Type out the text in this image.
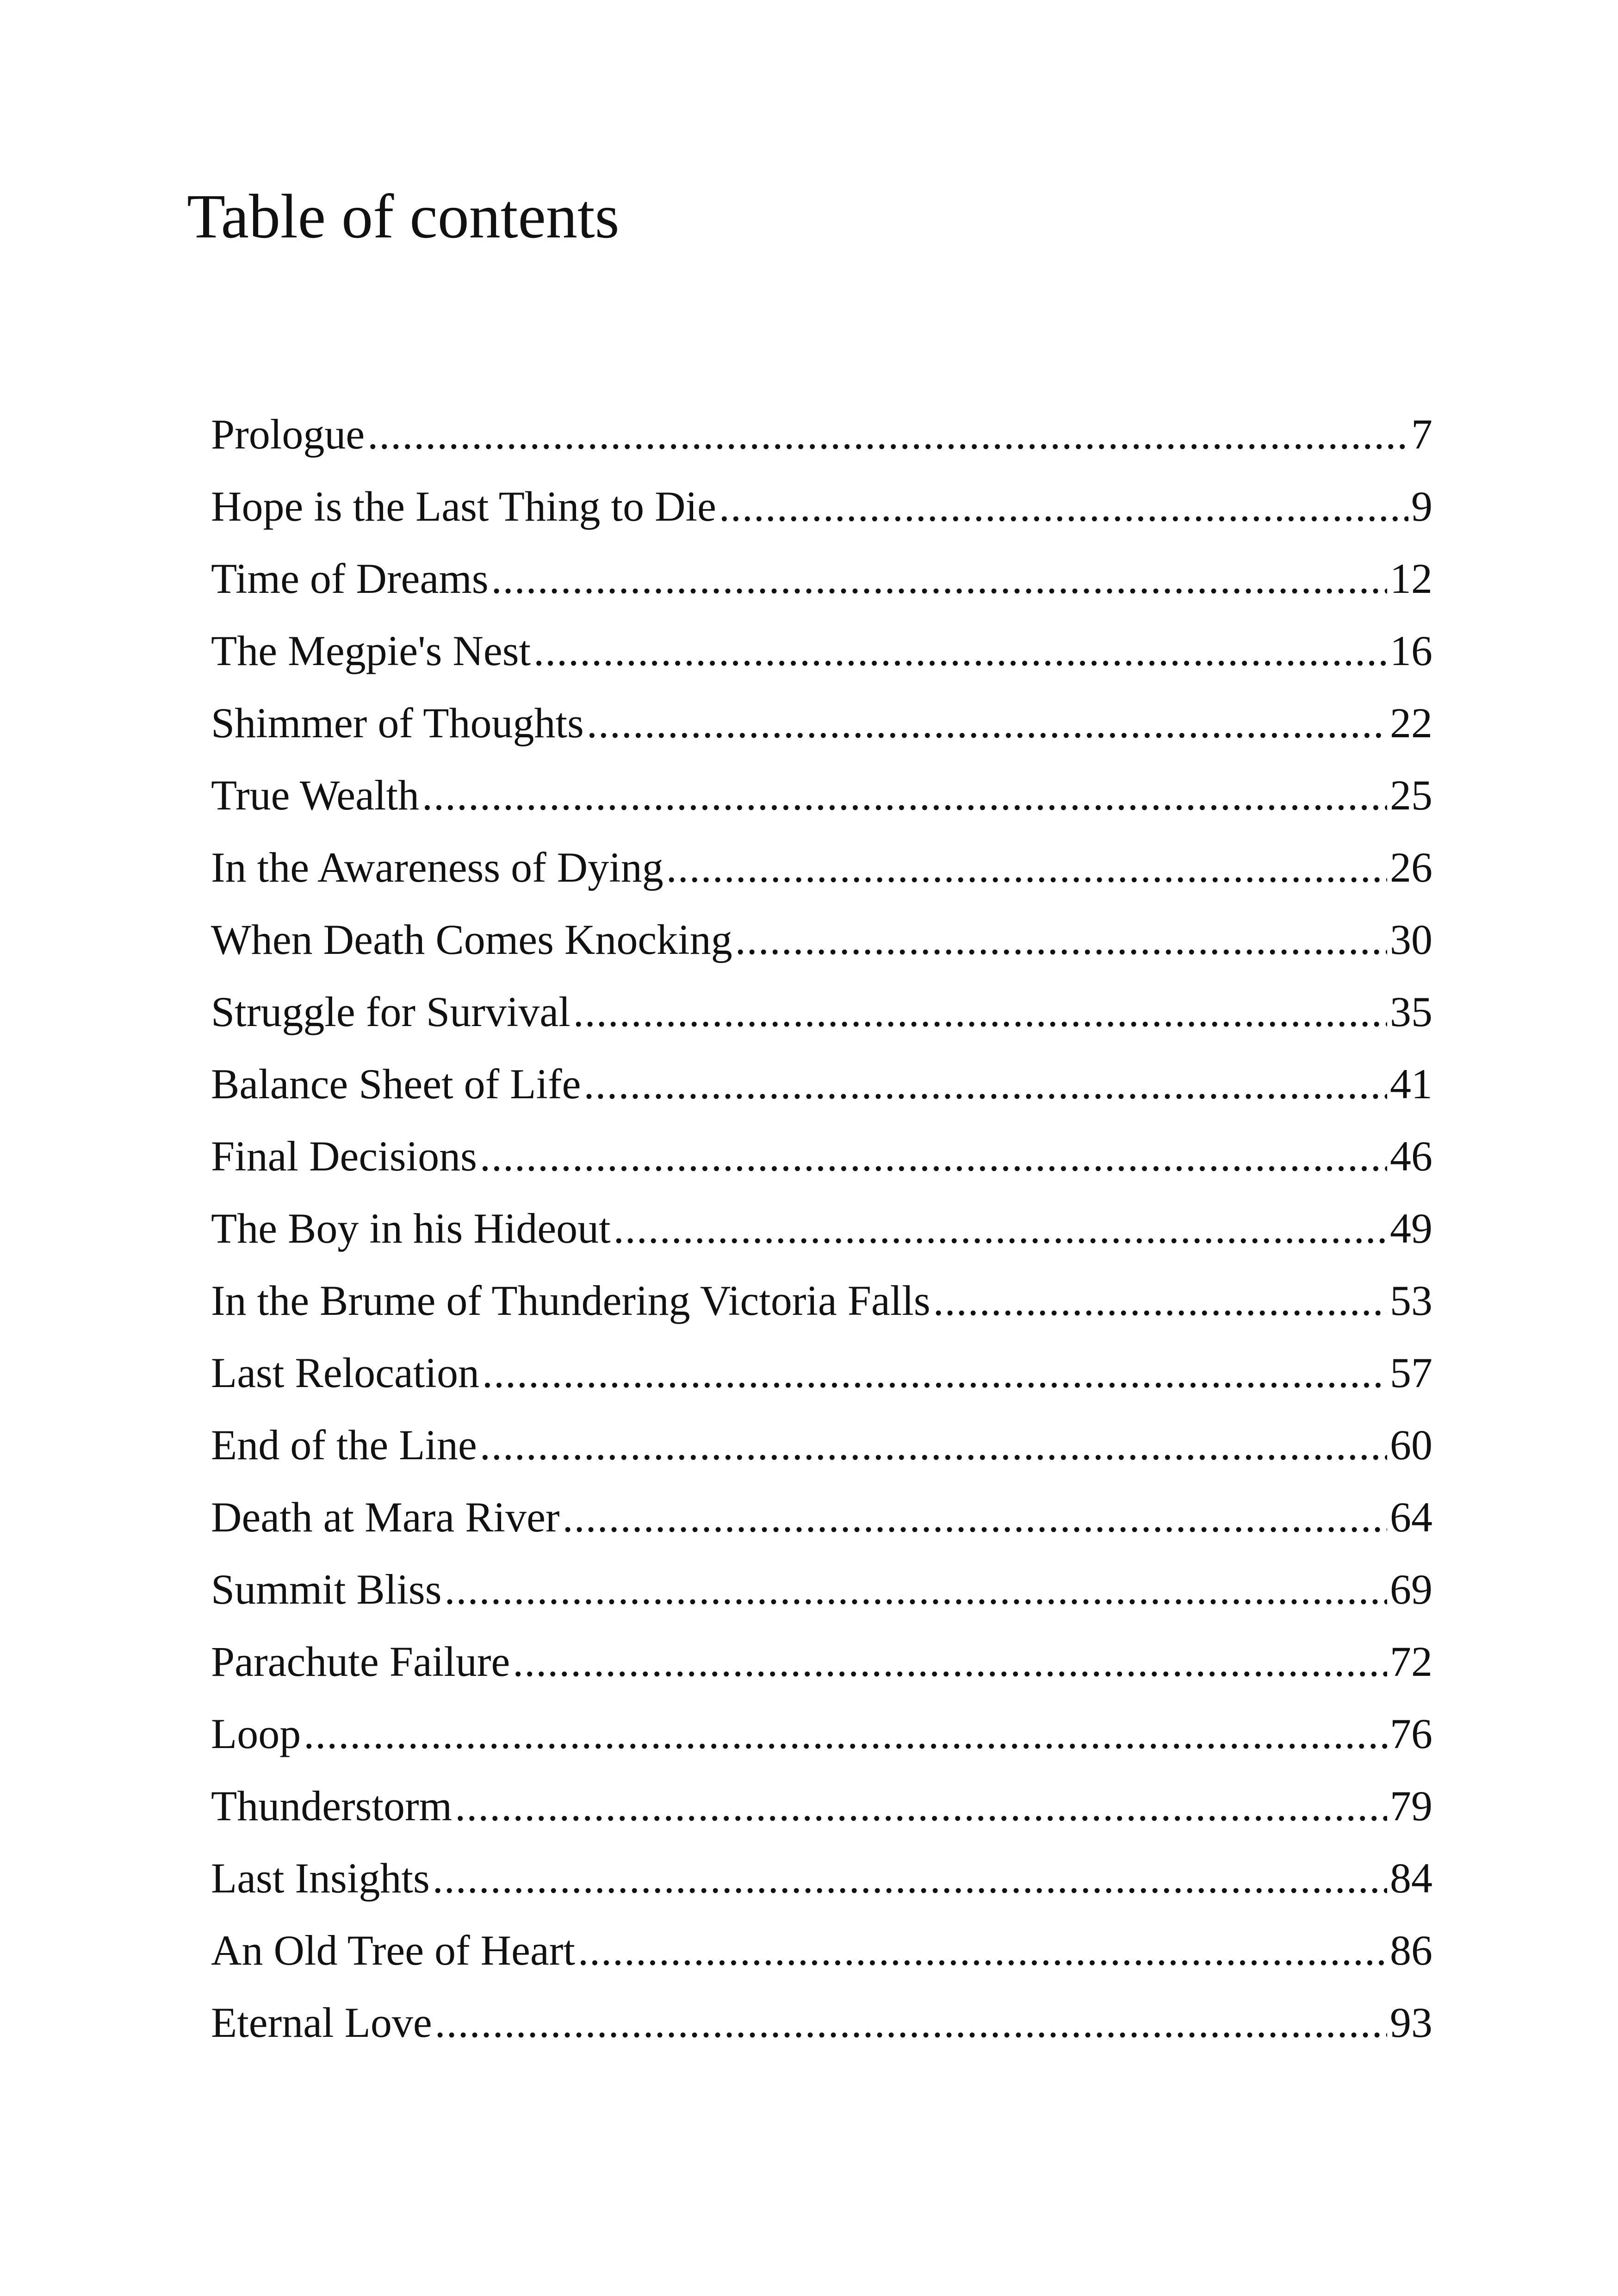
Table of contents
Prologue .....	7
Hope is the Last Thing to Die .....	9
Time of Dreams .....	12
The Megpie's Nest .....	16
Shimmer of Thoughts .....	22
True Wealth .....	25
In the Awareness of Dying .....	26
When Death Comes Knocking .....	30
Struggle for Survival .....	35
Balance Sheet of Life .....	41
Final Decisions .....	46
The Boy in his Hideout .....	49
In the Brume of Thundering Victoria Falls .....	53
Last Relocation .....	57
End of the Line .....	60
Death at Mara River .....	64
Summit Bliss .....	69
Parachute Failure .....	72
Loop .....	76
Thunderstorm .....	79
Last Insights .....	84
An Old Tree of Heart .....	86
Eternal Love .....	93
